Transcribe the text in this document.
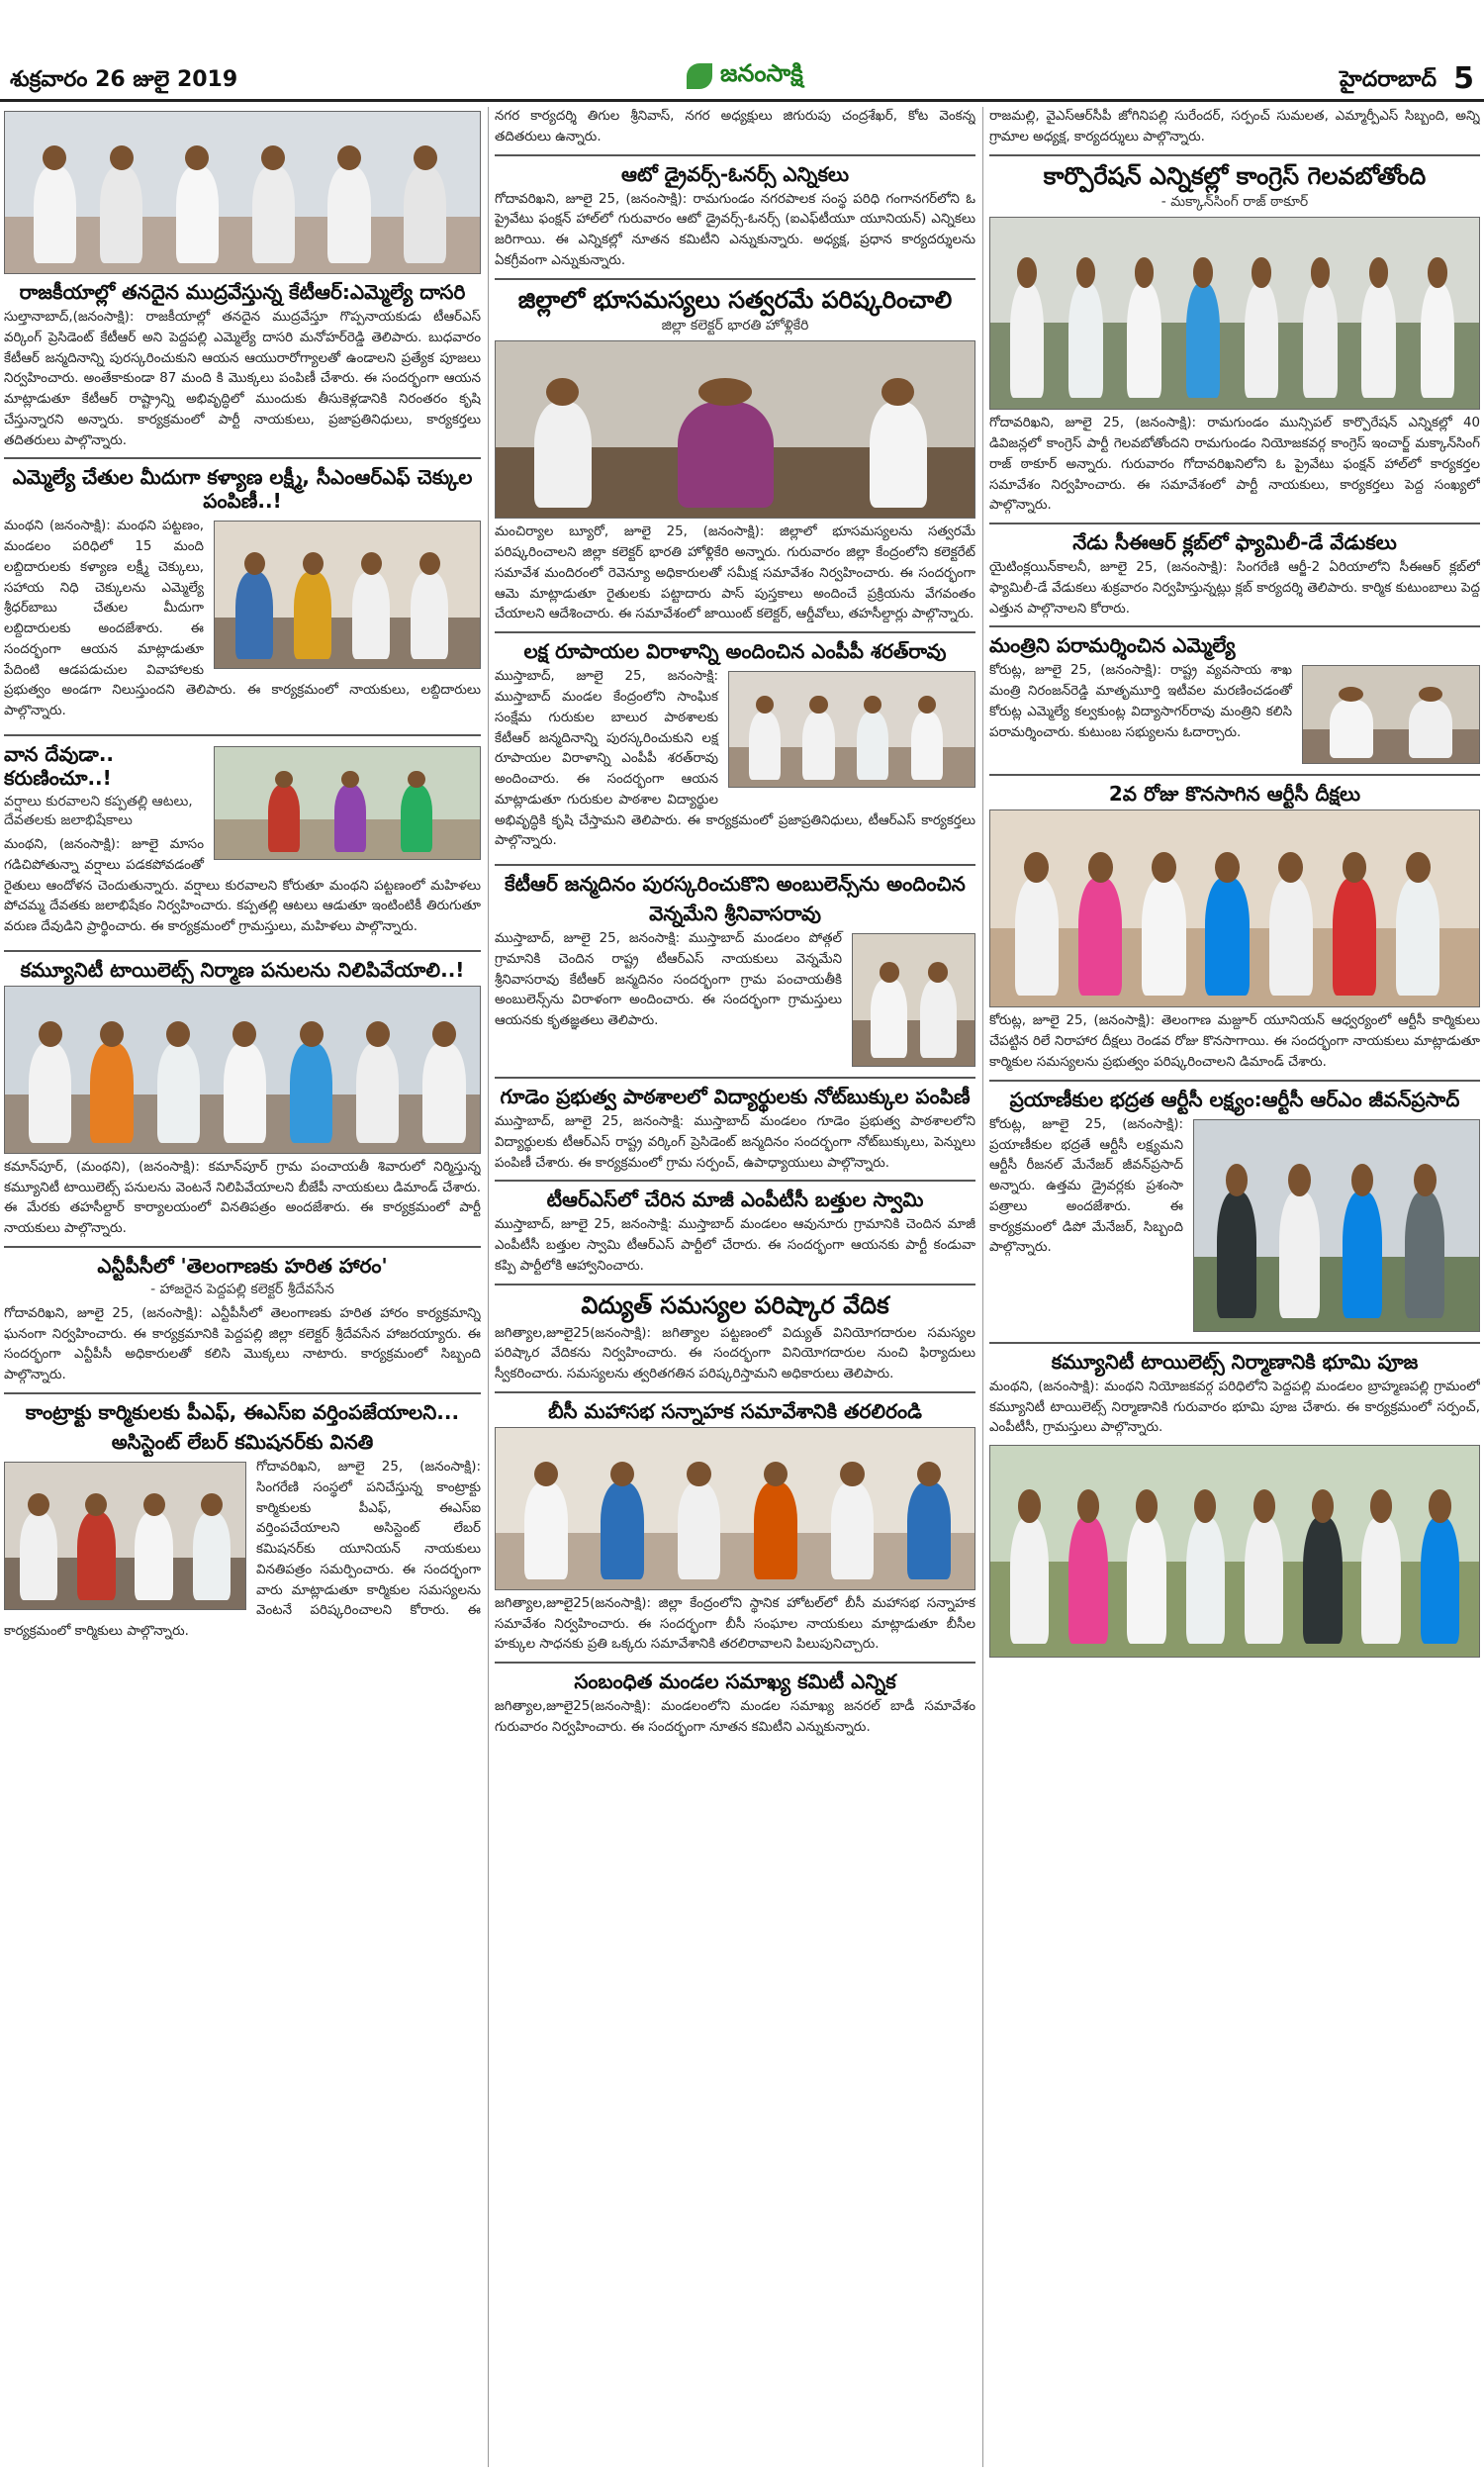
శుక్రవారం 26 జులై 2019	జనంసాక్షి	హైదరాబాద్ 5
రాజకీయాల్లో తనదైన ముద్రవేస్తున్న కేటీఆర్:ఎమ్మెల్యే దాసరి
సుల్తానాబాద్,(జనంసాక్షి): రాజకీయాల్లో తనదైన ముద్రవేస్తూ గొప్పనాయకుడు టీఆర్ఎస్ వర్కింగ్ ప్రెసిడెంట్ కేటీఆర్ అని పెద్దపల్లి ఎమ్మెల్యే దాసరి మనోహర్‌రెడ్డి తెలిపారు. బుధవారం కేటీఆర్ జన్మదినాన్ని పురస్కరించుకుని ఆయన ఆయురారోగ్యాలతో ఉండాలని ప్రత్యేక పూజలు నిర్వహించారు. అంతేకాకుండా 87 మంది కి మొక్కలు పంపిణీ చేశారు. ఈ సందర్భంగా ఆయన మాట్లాడుతూ కేటీఆర్ రాష్ట్రాన్ని అభివృద్ధిలో ముందుకు తీసుకెళ్లడానికి నిరంతరం కృషి చేస్తున్నారని అన్నారు. కార్యక్రమంలో పార్టీ నాయకులు, ప్రజాప్రతినిధులు, కార్యకర్తలు తదితరులు పాల్గొన్నారు.
ఎమ్మెల్యే చేతుల మీదుగా కళ్యాణ లక్ష్మీ, సీఎంఆర్ఎఫ్ చెక్కుల పంపిణీ..!
మంథని (జనంసాక్షి): మంథని పట్టణం, మండలం పరిధిలో 15 మంది లబ్దిదారులకు కళ్యాణ లక్ష్మీ చెక్కులు, సహాయ నిధి చెక్కులను ఎమ్మెల్యే శ్రీధర్‌బాబు చేతుల మీదుగా లబ్దిదారులకు అందజేశారు. ఈ సందర్భంగా ఆయన మాట్లాడుతూ పేదింటి ఆడపడుచుల వివాహాలకు ప్రభుత్వం అండగా నిలుస్తుందని తెలిపారు. ఈ కార్యక్రమంలో నాయకులు, లబ్దిదారులు పాల్గొన్నారు.
వాన దేవుడా.. కరుణించూ..!
వర్షాలు కురవాలని కప్పతల్లి ఆటలు, దేవతలకు జలాభిషేకాలు
మంథని, (జనంసాక్షి): జూలై మాసం గడిచిపోతున్నా వర్షాలు పడకపోవడంతో రైతులు ఆందోళన చెందుతున్నారు. వర్షాలు కురవాలని కోరుతూ మంథని పట్టణంలో మహిళలు పోచమ్మ దేవతకు జలాభిషేకం నిర్వహించారు. కప్పతల్లి ఆటలు ఆడుతూ ఇంటింటికీ తిరుగుతూ వరుణ దేవుడిని ప్రార్థించారు. ఈ కార్యక్రమంలో గ్రామస్తులు, మహిళలు పాల్గొన్నారు.
కమ్యూనిటీ టాయిలెట్స్ నిర్మాణ పనులను నిలిపివేయాలి..!
కమాన్‌పూర్, (మంథని), (జనంసాక్షి): కమాన్‌పూర్ గ్రామ పంచాయతీ శివారులో నిర్మిస్తున్న కమ్యూనిటీ టాయిలెట్స్ పనులను వెంటనే నిలిపివేయాలని బీజేపీ నాయకులు డిమాండ్ చేశారు. ఈ మేరకు తహసీల్దార్ కార్యాలయంలో వినతిపత్రం అందజేశారు. ఈ కార్యక్రమంలో పార్టీ నాయకులు పాల్గొన్నారు.
ఎన్టీపీసీలో 'తెలంగాణకు హరిత హారం'
- హాజరైన పెద్దపల్లి కలెక్టర్ శ్రీదేవసేన
గోదావరిఖని, జూలై 25, (జనంసాక్షి): ఎన్టీపీసీలో తెలంగాణకు హరిత హారం కార్యక్రమాన్ని ఘనంగా నిర్వహించారు. ఈ కార్యక్రమానికి పెద్దపల్లి జిల్లా కలెక్టర్ శ్రీదేవసేన హాజరయ్యారు. ఈ సందర్భంగా ఎన్టీపీసీ అధికారులతో కలిసి మొక్కలు నాటారు. కార్యక్రమంలో సిబ్బంది పాల్గొన్నారు.
కాంట్రాక్టు కార్మికులకు పీఎఫ్, ఈఎస్ఐ వర్తింపజేయాలని...
అసిస్టెంట్ లేబర్ కమిషనర్‌కు వినతి
గోదావరిఖని, జూలై 25, (జనంసాక్షి): సింగరేణి సంస్థలో పనిచేస్తున్న కాంట్రాక్టు కార్మికులకు పీఎఫ్, ఈఎస్ఐ వర్తింపచేయాలని అసిస్టెంట్ లేబర్ కమిషనర్‌కు యూనియన్ నాయకులు వినతిపత్రం సమర్పించారు. ఈ సందర్భంగా వారు మాట్లాడుతూ కార్మికుల సమస్యలను వెంటనే పరిష్కరించాలని కోరారు. ఈ కార్యక్రమంలో కార్మికులు పాల్గొన్నారు.
నగర కార్యదర్శి తిగుల శ్రీనివాస్, నగర అధ్యక్షులు జిగురుపు చంద్రశేఖర్, కోట వెంకన్న తదితరులు ఉన్నారు.
ఆటో డ్రైవర్స్-ఓనర్స్ ఎన్నికలు
గోదావరిఖని, జూలై 25, (జనంసాక్షి): రామగుండం నగరపాలక సంస్థ పరిధి గంగానగర్‌లోని ఓ ప్రైవేటు ఫంక్షన్ హాల్‌లో గురువారం ఆటో డ్రైవర్స్-ఓనర్స్ (ఐఎఫ్‌టీయూ యూనియన్) ఎన్నికలు జరిగాయి. ఈ ఎన్నికల్లో నూతన కమిటీని ఎన్నుకున్నారు. అధ్యక్ష, ప్రధాన కార్యదర్శులను ఏకగ్రీవంగా ఎన్నుకున్నారు.
జిల్లాలో భూసమస్యలు సత్వరమే పరిష్కరించాలి
జిల్లా కలెక్టర్ భారతి హోళ్లికేరి
మంచిర్యాల బ్యూరో, జూలై 25, (జనంసాక్షి): జిల్లాలో భూసమస్యలను సత్వరమే పరిష్కరించాలని జిల్లా కలెక్టర్ భారతి హోళ్లికేరి అన్నారు. గురువారం జిల్లా కేంద్రంలోని కలెక్టరేట్ సమావేశ మందిరంలో రెవెన్యూ అధికారులతో సమీక్ష సమావేశం నిర్వహించారు. ఈ సందర్భంగా ఆమె మాట్లాడుతూ రైతులకు పట్టాదారు పాస్ పుస్తకాలు అందించే ప్రక్రియను వేగవంతం చేయాలని ఆదేశించారు. ఈ సమావేశంలో జాయింట్ కలెక్టర్, ఆర్డీవోలు, తహసీల్దార్లు పాల్గొన్నారు.
లక్ష రూపాయల విరాళాన్ని అందించిన ఎంపీపీ శరత్‌రావు
ముస్తాబాద్, జూలై 25, జనంసాక్షి: ముస్తాబాద్ మండల కేంద్రంలోని సాంఘిక సంక్షేమ గురుకుల బాలుర పాఠశాలకు కేటీఆర్ జన్మదినాన్ని పురస్కరించుకుని లక్ష రూపాయల విరాళాన్ని ఎంపీపీ శరత్‌రావు అందించారు. ఈ సందర్భంగా ఆయన మాట్లాడుతూ గురుకుల పాఠశాల విద్యార్థుల అభివృద్ధికి కృషి చేస్తామని తెలిపారు. ఈ కార్యక్రమంలో ప్రజాప్రతినిధులు, టీఆర్ఎస్ కార్యకర్తలు పాల్గొన్నారు.
కేటీఆర్ జన్మదినం పురస్కరించుకొని అంబులెన్స్‌ను అందించిన
వెన్నమేని శ్రీనివాసరావు
ముస్తాబాద్, జూలై 25, జనంసాక్షి: ముస్తాబాద్ మండలం పోత్గల్ గ్రామానికి చెందిన రాష్ట్ర టీఆర్ఎస్ నాయకులు వెన్నమేని శ్రీనివాసరావు కేటీఆర్ జన్మదినం సందర్భంగా గ్రామ పంచాయతీకి అంబులెన్స్‌ను విరాళంగా అందించారు. ఈ సందర్భంగా గ్రామస్తులు ఆయనకు కృతజ్ఞతలు తెలిపారు.
గూడెం ప్రభుత్వ పాఠశాలలో విద్యార్థులకు నోట్‌బుక్కుల పంపిణీ
ముస్తాబాద్, జూలై 25, జనంసాక్షి: ముస్తాబాద్ మండలం గూడెం ప్రభుత్వ పాఠశాలలోని విద్యార్థులకు టీఆర్ఎస్ రాష్ట్ర వర్కింగ్ ప్రెసిడెంట్ జన్మదినం సందర్భంగా నోట్‌బుక్కులు, పెన్నులు పంపిణీ చేశారు. ఈ కార్యక్రమంలో గ్రామ సర్పంచ్, ఉపాధ్యాయులు పాల్గొన్నారు.
టీఆర్ఎస్‌లో చేరిన మాజీ ఎంపీటీసీ బత్తుల స్వామి
ముస్తాబాద్, జూలై 25, జనంసాక్షి: ముస్తాబాద్ మండలం ఆవునూరు గ్రామానికి చెందిన మాజీ ఎంపీటీసీ బత్తుల స్వామి టీఆర్ఎస్ పార్టీలో చేరారు. ఈ సందర్భంగా ఆయనకు పార్టీ కండువా కప్పి పార్టీలోకి ఆహ్వానించారు.
విద్యుత్ సమస్యల పరిష్కార వేదిక
జగిత్యాల,జూలై25(జనంసాక్షి): జగిత్యాల పట్టణంలో విద్యుత్ వినియోగదారుల సమస్యల పరిష్కార వేదికను నిర్వహించారు. ఈ సందర్భంగా వినియోగదారుల నుంచి ఫిర్యాదులు స్వీకరించారు. సమస్యలను త్వరితగతిన పరిష్కరిస్తామని అధికారులు తెలిపారు.
బీసీ మహాసభ సన్నాహక సమావేశానికి తరలిరండి
జగిత్యాల,జూలై25(జనంసాక్షి): జిల్లా కేంద్రంలోని స్థానిక హోటల్‌లో బీసీ మహాసభ సన్నాహక సమావేశం నిర్వహించారు. ఈ సందర్భంగా బీసీ సంఘాల నాయకులు మాట్లాడుతూ బీసీల హక్కుల సాధనకు ప్రతి ఒక్కరు సమావేశానికి తరలిరావాలని పిలుపునిచ్చారు.
సంబంధిత మండల సమాఖ్య కమిటీ ఎన్నిక
జగిత్యాల,జూలై25(జనంసాక్షి): మండలంలోని మండల సమాఖ్య జనరల్ బాడీ సమావేశం గురువారం నిర్వహించారు. ఈ సందర్భంగా నూతన కమిటీని ఎన్నుకున్నారు.
రాజమల్లి, వైఎస్ఆర్‌సీపీ జోగినిపల్లి సురేందర్, సర్పంచ్ సుమలత, ఎమ్మార్పీఎస్ సిబ్బంది, అన్ని గ్రామాల అధ్యక్ష, కార్యదర్శులు పాల్గొన్నారు.
కార్పొరేషన్ ఎన్నికల్లో కాంగ్రెస్ గెలవబోతోంది
- మక్కాన్‌సింగ్ రాజ్ ఠాకూర్
గోదావరిఖని, జూలై 25, (జనంసాక్షి): రామగుండం మున్సిపల్ కార్పొరేషన్ ఎన్నికల్లో 40 డివిజన్లలో కాంగ్రెస్ పార్టీ గెలవబోతోందని రామగుండం నియోజకవర్గ కాంగ్రెస్ ఇంచార్జ్ మక్కాన్‌సింగ్ రాజ్ ఠాకూర్ అన్నారు. గురువారం గోదావరిఖనిలోని ఓ ప్రైవేటు ఫంక్షన్ హాల్‌లో కార్యకర్తల సమావేశం నిర్వహించారు. ఈ సమావేశంలో పార్టీ నాయకులు, కార్యకర్తలు పెద్ద సంఖ్యలో పాల్గొన్నారు.
నేడు సీఈఆర్ క్లబ్‌లో ఫ్యామిలీ-డే వేడుకలు
యైటింక్లయిన్‌కాలనీ, జూలై 25, (జనంసాక్షి): సింగరేణి ఆర్జీ-2 ఏరియాలోని సీఈఆర్ క్లబ్‌లో ఫ్యామిలీ-డే వేడుకలు శుక్రవారం నిర్వహిస్తున్నట్లు క్లబ్ కార్యదర్శి తెలిపారు. కార్మిక కుటుంబాలు పెద్ద ఎత్తున పాల్గొనాలని కోరారు.
మంత్రిని పరామర్శించిన ఎమ్మెల్యే
కోరుట్ల, జూలై 25, (జనంసాక్షి): రాష్ట్ర వ్యవసాయ శాఖ మంత్రి నిరంజన్‌రెడ్డి మాతృమూర్తి ఇటీవల మరణించడంతో కోరుట్ల ఎమ్మెల్యే కల్వకుంట్ల విద్యాసాగర్‌రావు మంత్రిని కలిసి పరామర్శించారు. కుటుంబ సభ్యులను ఓదార్చారు.
2వ రోజు కొనసాగిన ఆర్టీసీ దీక్షలు
కోరుట్ల, జూలై 25, (జనంసాక్షి): తెలంగాణ మజ్దూర్ యూనియన్ ఆధ్వర్యంలో ఆర్టీసీ కార్మికులు చేపట్టిన రిలే నిరాహార దీక్షలు రెండవ రోజు కొనసాగాయి. ఈ సందర్భంగా నాయకులు మాట్లాడుతూ కార్మికుల సమస్యలను ప్రభుత్వం పరిష్కరించాలని డిమాండ్ చేశారు.
ప్రయాణీకుల భద్రత ఆర్టీసీ లక్ష్యం:ఆర్టీసీ ఆర్ఎం జీవన్‌ప్రసాద్
కోరుట్ల, జూలై 25, (జనంసాక్షి): ప్రయాణీకుల భద్రతే ఆర్టీసీ లక్ష్యమని ఆర్టీసీ రీజనల్ మేనేజర్ జీవన్‌ప్రసాద్ అన్నారు. ఉత్తమ డ్రైవర్లకు ప్రశంసా పత్రాలు అందజేశారు. ఈ కార్యక్రమంలో డిపో మేనేజర్, సిబ్బంది పాల్గొన్నారు.
కమ్యూనిటీ టాయిలెట్స్ నిర్మాణానికి భూమి పూజ
మంథని, (జనంసాక్షి): మంథని నియోజకవర్గ పరిధిలోని పెద్దపల్లి మండలం బ్రాహ్మణపల్లి గ్రామంలో కమ్యూనిటీ టాయిలెట్స్ నిర్మాణానికి గురువారం భూమి పూజ చేశారు. ఈ కార్యక్రమంలో సర్పంచ్, ఎంపీటీసీ, గ్రామస్తులు పాల్గొన్నారు.
